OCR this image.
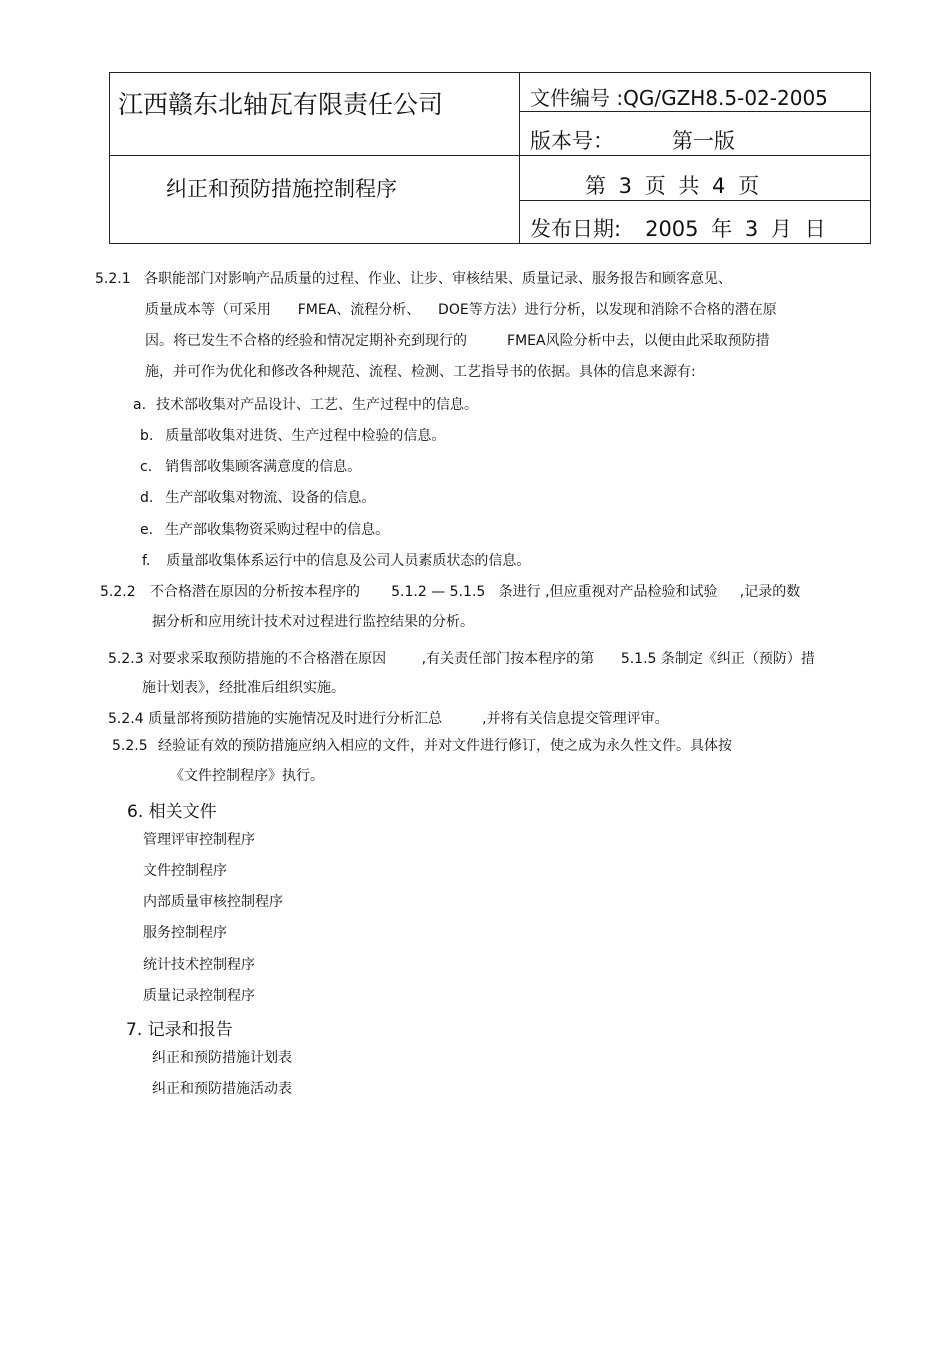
江西赣东北轴瓦有限责任公司	文件编号 :QG/GZH8.5-02-2005
版本号：	第一版
纠正和预防措施控制程序	第 3 页 共 4 页
发布日期: 2005 年 3 月 日
5.2.1 各职能部门对影响产品质量的过程、作业、让步、审核结果、质量记录、服务报告和顾客意见、
质量成本等（可采用      FMEA、流程分析、    DOE等方法）进行分析，以发现和消除不合格的潜在原
因。将已发生不合格的经验和情况定期补充到现行的         FMEA风险分析中去，以便由此采取预防措
施，并可作为优化和修改各种规范、流程、检测、工艺指导书的依据。具体的信息来源有:
a. 技术部收集对产品设计、工艺、生产过程中的信息。
b. 质量部收集对进货、生产过程中检验的信息。
c. 销售部收集顾客满意度的信息。
d. 生产部收集对物流、设备的信息。
e. 生产部收集物资采购过程中的信息。
f. 质量部收集体系运行中的信息及公司人员素质状态的信息。
5.2.2 不合格潜在原因的分析按本程序的       5.1.2 — 5.1.5   条进行 ,但应重视对产品检验和试验     ,记录的数
据分析和应用统计技术对过程进行监控结果的分析。
5.2.3 对要求采取预防措施的不合格潜在原因        ,有关责任部门按本程序的第      5.1.5 条制定《纠正（预防）措
施计划表》，经批准后组织实施。
5.2.4 质量部将预防措施的实施情况及时进行分析汇总         ,并将有关信息提交管理评审。
5.2.5 经验证有效的预防措施应纳入相应的文件，并对文件进行修订，使之成为永久性文件。具体按
《文件控制程序》执行。
6. 相关文件
管理评审控制程序
文件控制程序
内部质量审核控制程序
服务控制程序
统计技术控制程序
质量记录控制程序
7. 记录和报告
纠正和预防措施计划表
纠正和预防措施活动表
